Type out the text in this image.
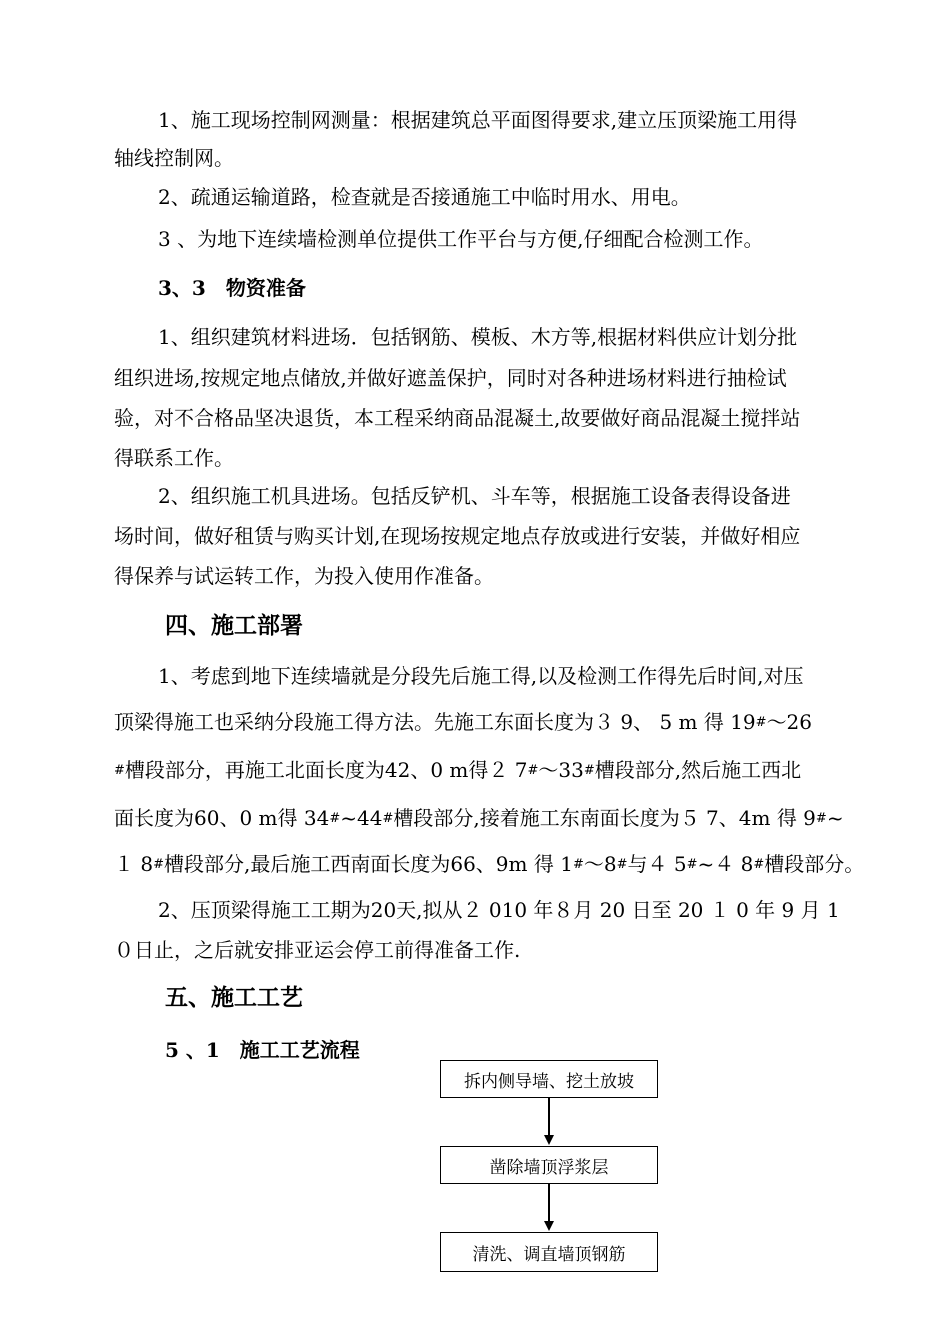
1、施工现场控制网测量：根据建筑总平面图得要求,建立压顶梁施工用得
轴线控制网。
2、疏通运输道路，检查就是否接通施工中临时用水、用电。
3 、为地下连续墙检测单位提供工作平台与方便,仔细配合检测工作。
3、3　物资准备
1、组织建筑材料进场．包括钢筋、模板、木方等,根据材料供应计划分批
组织进场,按规定地点储放,并做好遮盖保护，同时对各种进场材料进行抽检试
验，对不合格品坚决退货，本工程采纳商品混凝土,故要做好商品混凝土搅拌站
得联系工作。
2、组织施工机具进场。包括反铲机、斗车等，根据施工设备表得设备进
场时间，做好租赁与购买计划,在现场按规定地点存放或进行安装，并做好相应
得保养与试运转工作，为投入使用作准备。
四、施工部署
1、考虑到地下连续墙就是分段先后施工得,以及检测工作得先后时间,对压
顶梁得施工也采纳分段施工得方法。先施工东面长度为３ 9、 5 m 得 19#～26
#槽段部分，再施工北面长度为42、0 m得２ 7#～33#槽段部分,然后施工西北
面长度为60、0 m得 34#~44#槽段部分,接着施工东南面长度为５ 7、4m 得 9#~
１ 8#槽段部分,最后施工西南面长度为66、9m 得 1#～8#与４ 5#~４ 8#槽段部分。
2、压顶梁得施工工期为20天,拟从２ 010 年８月 20 日至 20 １ 0 年 9 月 1
０日止，之后就安排亚运会停工前得准备工作.
五、施工工艺
5 、1　施工工艺流程
拆内侧导墙、挖土放坡
凿除墙顶浮浆层
清洗、调直墙顶钢筋
